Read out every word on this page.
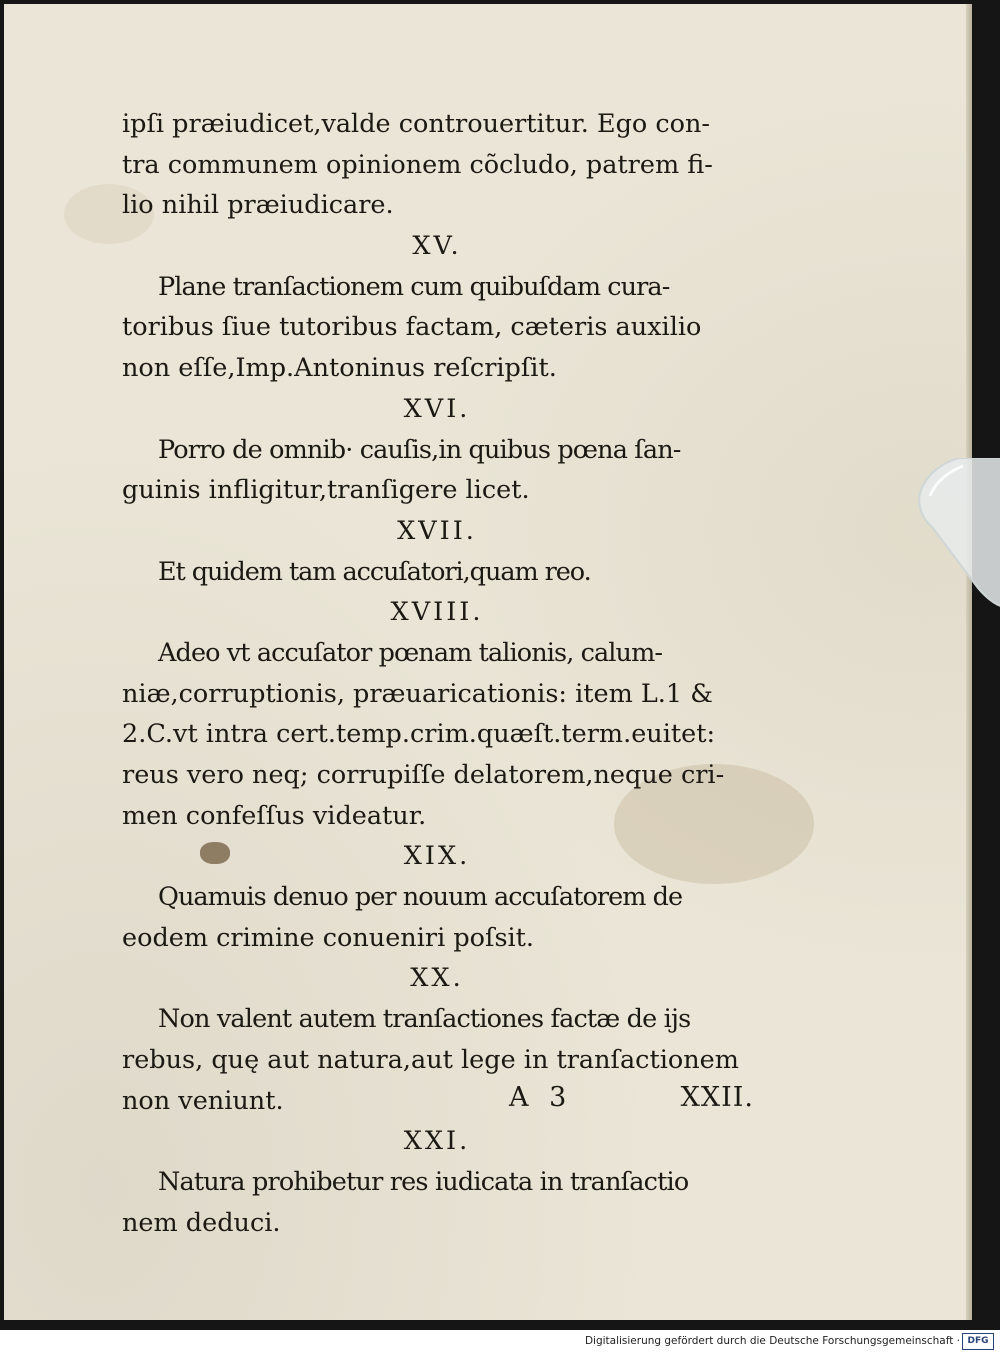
ipſi præiudicet,valde controuertitur. Ego con-
tra communem opinionem cõcludo, patrem fi-
lio nihil præiudicare.
XV.
Plane tranſactionem cum quibuſdam cura-
toribus ſiue tutoribus factam, cæteris auxilio
non eſſe,Imp.Antoninus reſcripſit.
XVI.
Porro de omnib· cauſis,in quibus pœna ſan-
guinis infligitur,tranſigere licet.
XVII.
Et quidem tam accuſatori,quam reo.
XVIII.
Adeo vt accuſator pœnam talionis, calum-
niæ,corruptionis, præuaricationis: item L.1 &
2.C.vt intra cert.temp.crim.quæſt.term.euitet:
reus vero neq; corrupiſſe delatorem,neque cri-
men confeſſus videatur.
XIX.
Quamuis denuo per nouum accuſatorem de
eodem crimine conueniri poſsit.
XX.
Non valent autem tranſactiones factæ de ijs
rebus, quę aut natura,aut lege in tranſactionem
non veniunt.
XXI.
Natura prohibetur res iudicata in tranſactio
nem deduci.
A 3	XXII.
Digitalisierung gefördert durch die Deutsche Forschungsgemeinschaft · DFG
